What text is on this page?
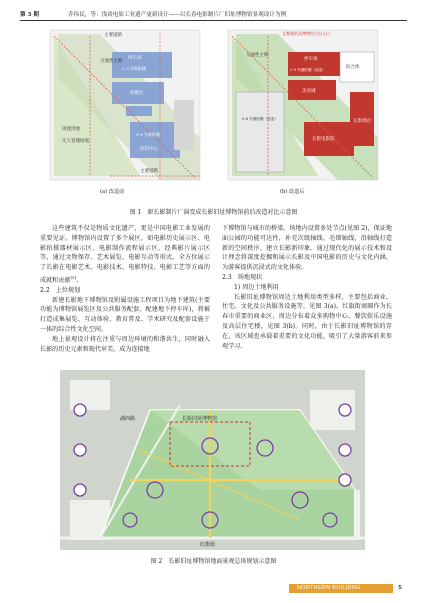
第 3 期	乔伟民，等：浅谈电影工业遗产更新设计——以长春电影制片厂旧址博物馆景观设计为例
交通性主路
主要道路
停车场
1~3 号摄影棚
拍摄区
4~6 号摄影棚
洗印中心
主要道路
闲置用地
无人管理绿地
文教建筑及博物馆主出入口
交通性主路
停车场
1~3 号摄影棚（改造）
美食城
综合体
4~6 号摄影棚（改造）
长影电影院
长影酒店
(a) 改造前	(b) 改造后
图 1　原长影制片厂演变成长影旧址博物馆前后改造对比示意图

这些建筑不仅是物质文化遗产，更是中国电影工业发展的重要见证。博物馆内设置了多个展区，如电影历史展示区、电影拍摄器材展示区、电影制作流程展示区、经典影片展示区等，通过文物保存、艺术展览、电影互动等形式，全方位展示了长影在电影艺术、电影技术、电影特技、电影工艺等方面的成就和贡献[5]。

2.2　上位规划

新建长影地下博物馆及附属设施工程项目为地下建筑(主要功能为博物馆展览区及公共服务配套、配建地下停车库)，将被打造成集展览、互动体验、教育普及、学术研究及配套设施于一体的综合性文化空间。

地上景观设计将在注重与周边环境的和谐共生，同时融入长影的历史元素和现代审美，成为连接地

下博物馆与城市的桥梁。场地内设置多处节点(见图 2)，保证地面公园的功能可达性，补充次级轴线、毛细轴线，沿轴线打造新的空间秩序，建立长影新印象。通过现代化的展示技术和设计理念将深度挖掘和展示长影及中国电影的历史与文化内涵，为游客提供沉浸式的文化体验。

2.3　场地现状

1) 周边土地利用

长影旧址博物馆周边土地利用类型多样，主要包括商业、住宅、文化及公共服务设施等，见图 3(a)。红旗街商圈作为长春市重要的商业区，周边分布着众多购物中心、餐饮娱乐设施及高层住宅楼，见图 3(b)。同时，由于长影旧址博物馆的存在，该区域也承载着重要的文化功能，吸引了大量游客前来参观学习。

长影旧址博物馆
湖西路
红旗街
图 2　长影旧址博物馆地面景观总体规划示意图
NORTHERN BUILDING	5
